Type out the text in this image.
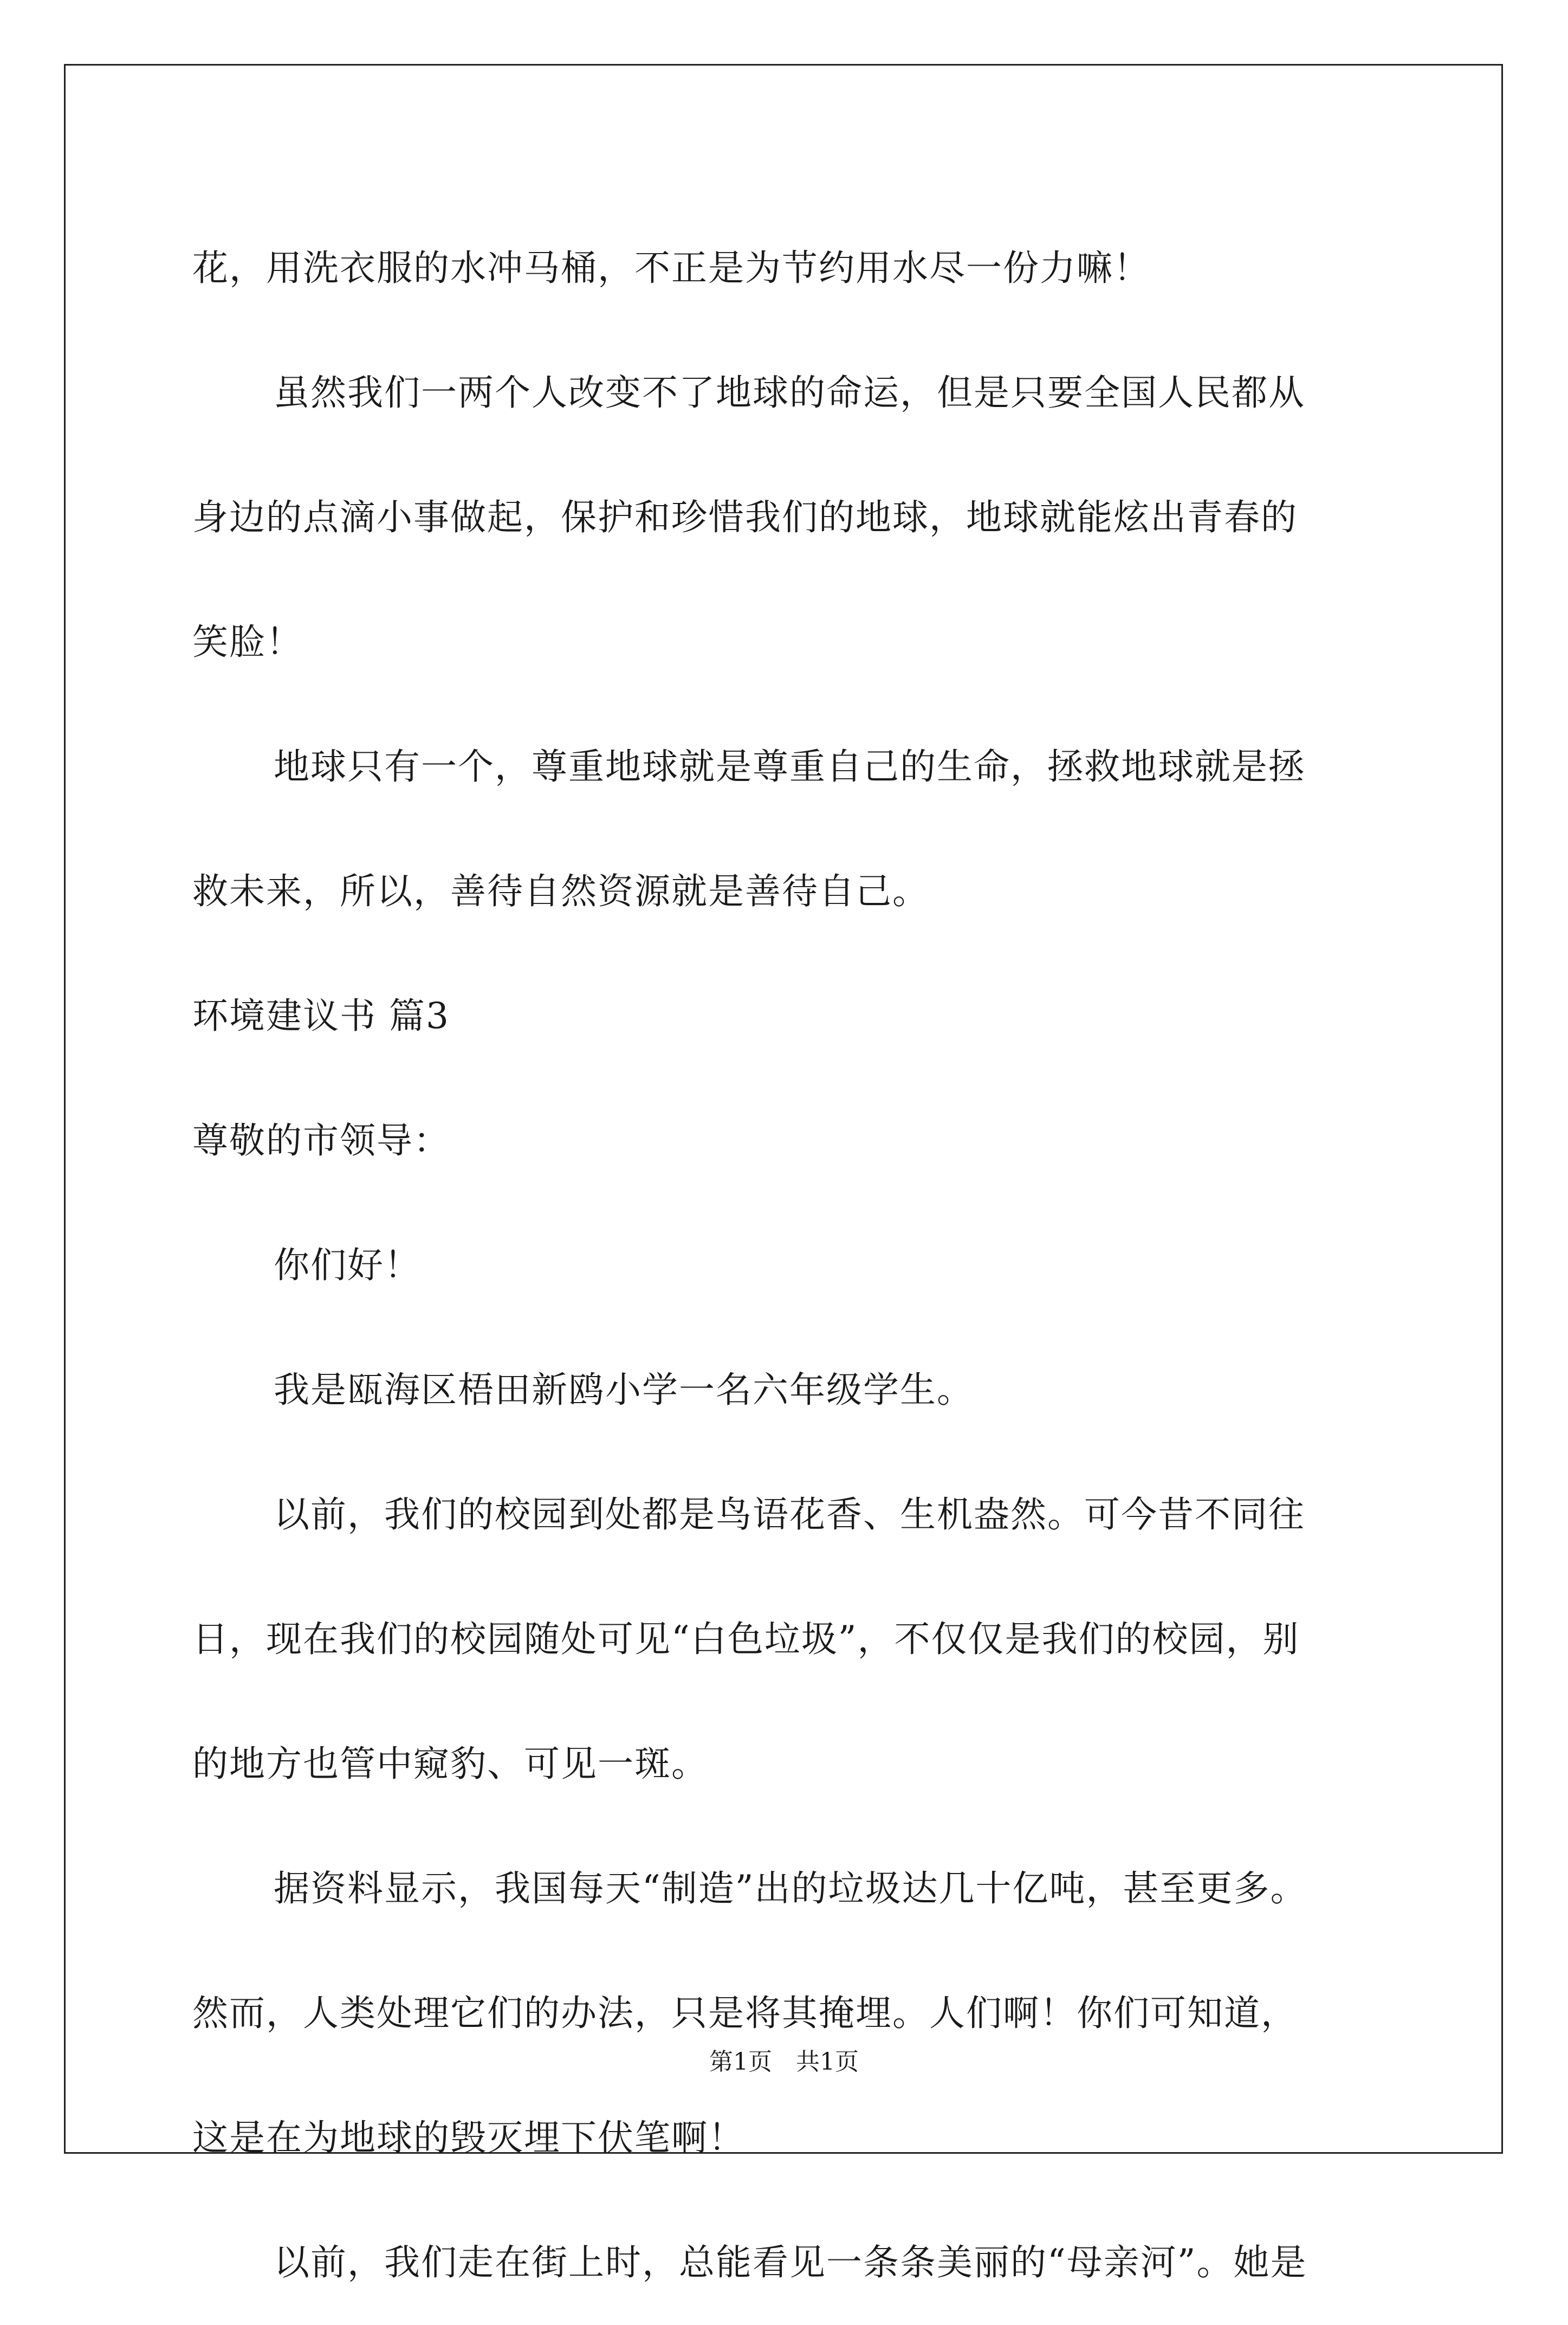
花，用洗衣服的水冲马桶，不正是为节约用水尽一份力嘛！
虽然我们一两个人改变不了地球的命运，但是只要全国人民都从
身边的点滴小事做起，保护和珍惜我们的地球，地球就能炫出青春的
笑脸！
地球只有一个，尊重地球就是尊重自己的生命，拯救地球就是拯
救未来，所以，善待自然资源就是善待自己。
环境建议书 篇3
尊敬的市领导：
你们好！
我是瓯海区梧田新鸥小学一名六年级学生。
以前，我们的校园到处都是鸟语花香、生机盎然。可今昔不同往
日，现在我们的校园随处可见“白色垃圾”，不仅仅是我们的校园，别
的地方也管中窥豹、可见一斑。
据资料显示，我国每天“制造”出的垃圾达几十亿吨，甚至更多。
然而，人类处理它们的办法，只是将其掩埋。人们啊！你们可知道，
这是在为地球的毁灭埋下伏笔啊！
以前，我们走在街上时，总能看见一条条美丽的“母亲河”。她是
第1页 共1页
